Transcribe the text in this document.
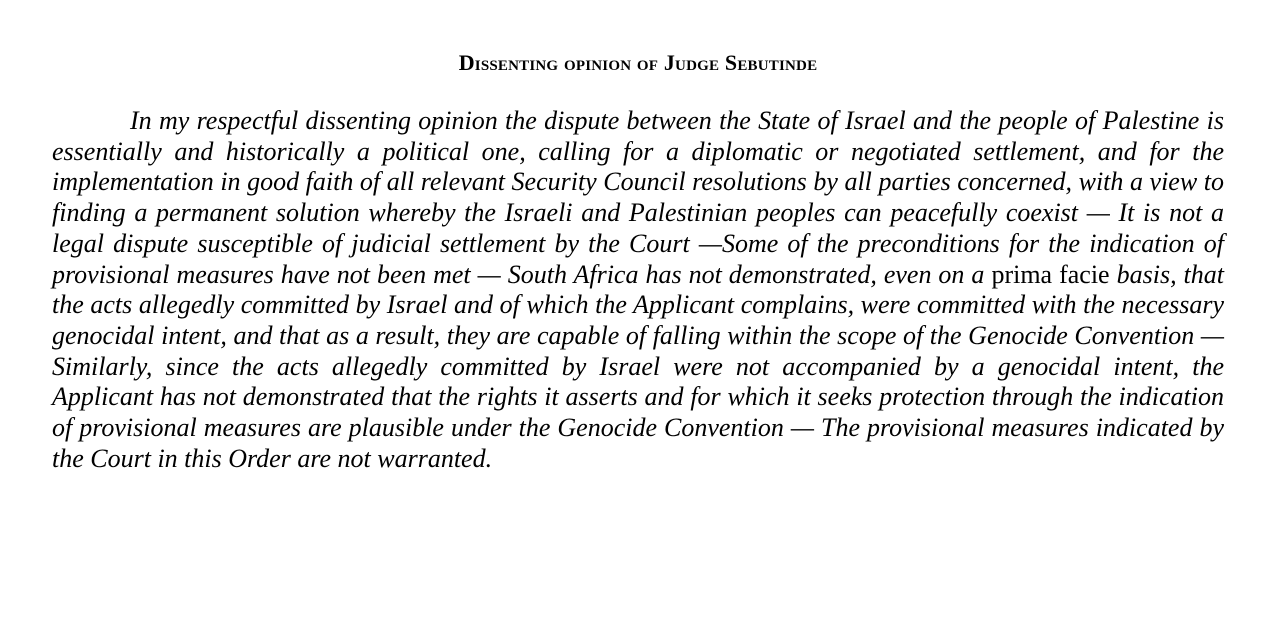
Dissenting opinion of Judge Sebutinde

In my respectful dissenting opinion the dispute between the State of Israel and the people of Palestine is essentially and historically a political one, calling for a diplomatic or negotiated settlement, and for the implementation in good faith of all relevant Security Council resolutions by all parties concerned, with a view to finding a permanent solution whereby the Israeli and Palestinian peoples can peacefully coexist — It is not a legal dispute susceptible of judicial settlement by the Court —Some of the preconditions for the indication of provisional measures have not been met — South Africa has not demonstrated, even on a prima facie basis, that the acts allegedly committed by Israel and of which the Applicant complains, were committed with the necessary genocidal intent, and that as a result, they are capable of falling within the scope of the Genocide Convention — Similarly, since the acts allegedly committed by Israel were not accompanied by a genocidal intent, the Applicant has not demonstrated that the rights it asserts and for which it seeks protection through the indication of provisional measures are plausible under the Genocide Convention — The provisional measures indicated by the Court in this Order are not warranted.
